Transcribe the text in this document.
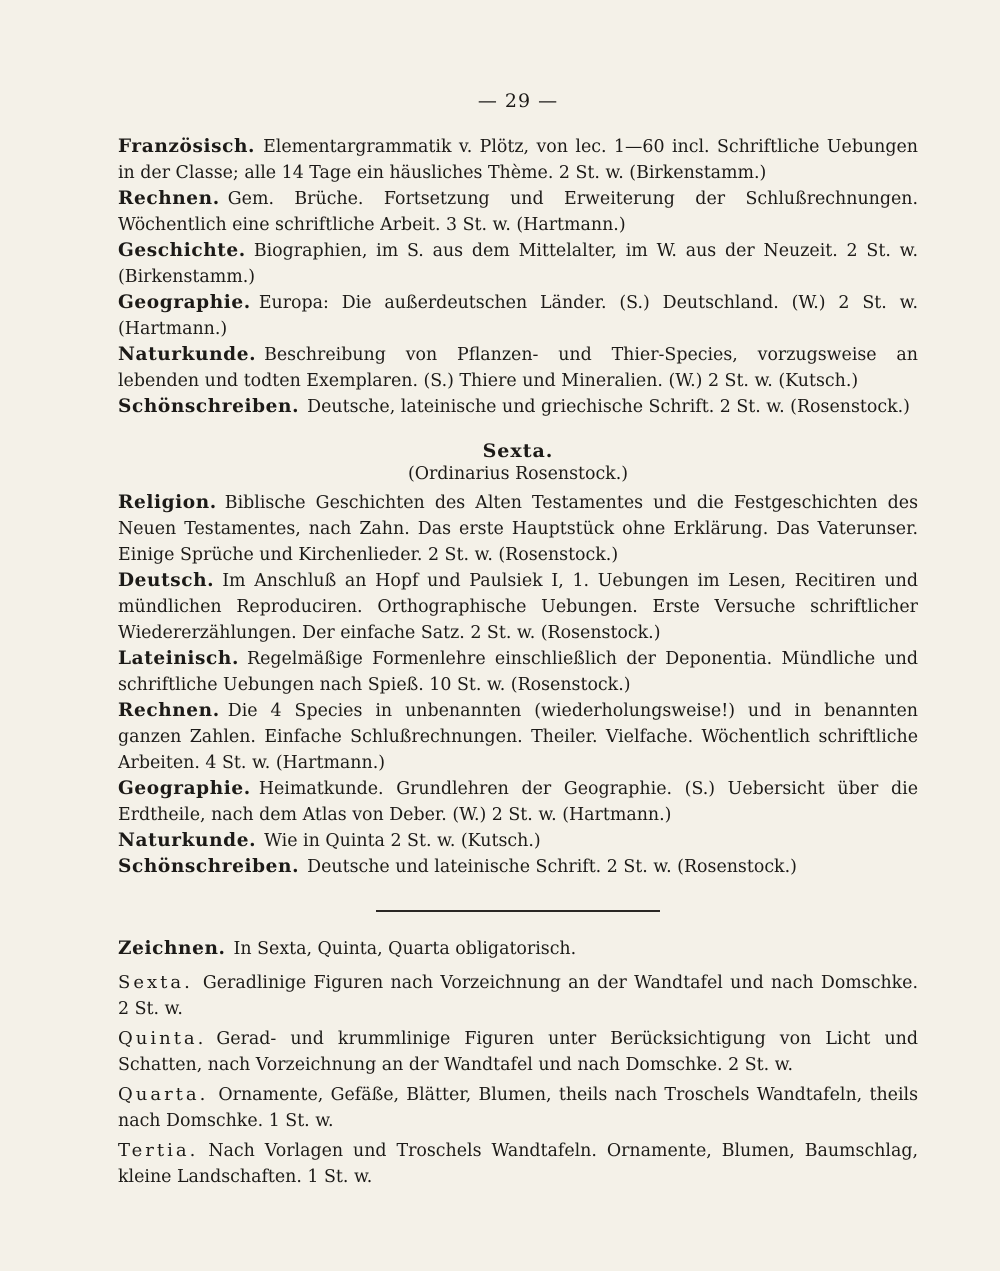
— 29 —

Französisch. Elementargrammatik v. Plötz, von lec. 1—60 incl. Schriftliche Uebungen in der Classe; alle 14 Tage ein häusliches Thème. 2 St. w. (Birkenstamm.)

Rechnen. Gem. Brüche. Fortsetzung und Erweiterung der Schlußrechnungen. Wöchentlich eine schriftliche Arbeit. 3 St. w. (Hartmann.)

Geschichte. Biographien, im S. aus dem Mittelalter, im W. aus der Neuzeit. 2 St. w. (Birkenstamm.)

Geographie. Europa: Die außerdeutschen Länder. (S.) Deutschland. (W.) 2 St. w. (Hartmann.)

Naturkunde. Beschreibung von Pflanzen- und Thier-Species, vorzugsweise an lebenden und todten Exemplaren. (S.) Thiere und Mineralien. (W.) 2 St. w. (Kutsch.)

Schönschreiben. Deutsche, lateinische und griechische Schrift. 2 St. w. (Rosenstock.)

Sexta.
(Ordinarius Rosenstock.)

Religion. Biblische Geschichten des Alten Testamentes und die Festgeschichten des Neuen Testamentes, nach Zahn. Das erste Hauptstück ohne Erklärung. Das Vaterunser. Einige Sprüche und Kirchenlieder. 2 St. w. (Rosenstock.)

Deutsch. Im Anschluß an Hopf und Paulsiek I, 1. Uebungen im Lesen, Recitiren und mündlichen Reproduciren. Orthographische Uebungen. Erste Versuche schriftlicher Wiedererzählungen. Der einfache Satz. 2 St. w. (Rosenstock.)

Lateinisch. Regelmäßige Formenlehre einschließlich der Deponentia. Mündliche und schriftliche Uebungen nach Spieß. 10 St. w. (Rosenstock.)

Rechnen. Die 4 Species in unbenannten (wiederholungsweise!) und in benannten ganzen Zahlen. Einfache Schlußrechnungen. Theiler. Vielfache. Wöchentlich schriftliche Arbeiten. 4 St. w. (Hartmann.)

Geographie. Heimatkunde. Grundlehren der Geographie. (S.) Uebersicht über die Erdtheile, nach dem Atlas von Deber. (W.) 2 St. w. (Hartmann.)

Naturkunde. Wie in Quinta 2 St. w. (Kutsch.)

Schönschreiben. Deutsche und lateinische Schrift. 2 St. w. (Rosenstock.)

Zeichnen. In Sexta, Quinta, Quarta obligatorisch.

Sexta. Geradlinige Figuren nach Vorzeichnung an der Wandtafel und nach Domschke. 2 St. w.

Quinta. Gerad- und krummlinige Figuren unter Berücksichtigung von Licht und Schatten, nach Vorzeichnung an der Wandtafel und nach Domschke. 2 St. w.

Quarta. Ornamente, Gefäße, Blätter, Blumen, theils nach Troschels Wandtafeln, theils nach Domschke. 1 St. w.

Tertia. Nach Vorlagen und Troschels Wandtafeln. Ornamente, Blumen, Baumschlag, kleine Landschaften. 1 St. w.
